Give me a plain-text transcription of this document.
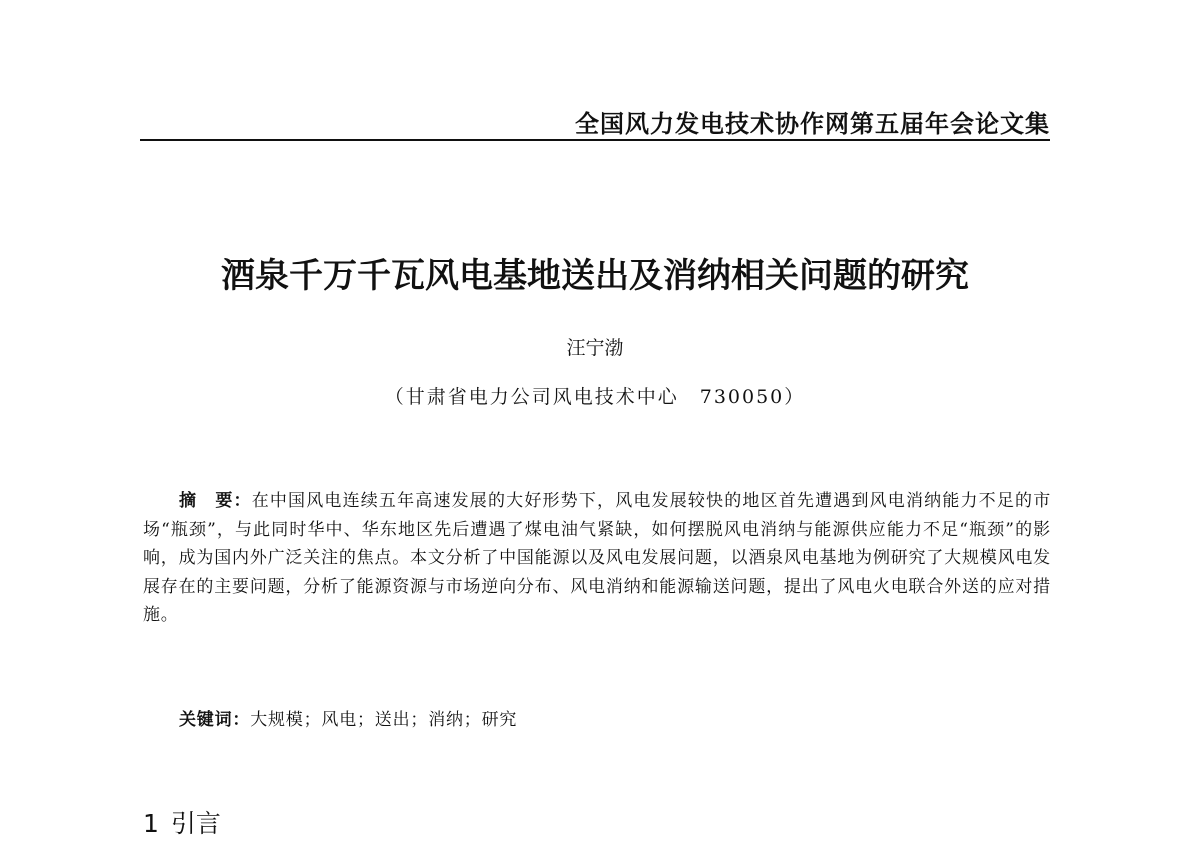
全国风力发电技术协作网第五届年会论文集
酒泉千万千瓦风电基地送出及消纳相关问题的研究
汪宁渤
（甘肃省电力公司风电技术中心　730050）

摘　要：在中国风电连续五年高速发展的大好形势下，风电发展较快的地区首先遭遇到风电消纳能力不足的市场“瓶颈”，与此同时华中、华东地区先后遭遇了煤电油气紧缺，如何摆脱风电消纳与能源供应能力不足“瓶颈”的影响，成为国内外广泛关注的焦点。本文分析了中国能源以及风电发展问题，以酒泉风电基地为例研究了大规模风电发展存在的主要问题，分析了能源资源与市场逆向分布、风电消纳和能源输送问题，提出了风电火电联合外送的应对措施。

关键词：大规模；风电；送出；消纳；研究
1 引言
